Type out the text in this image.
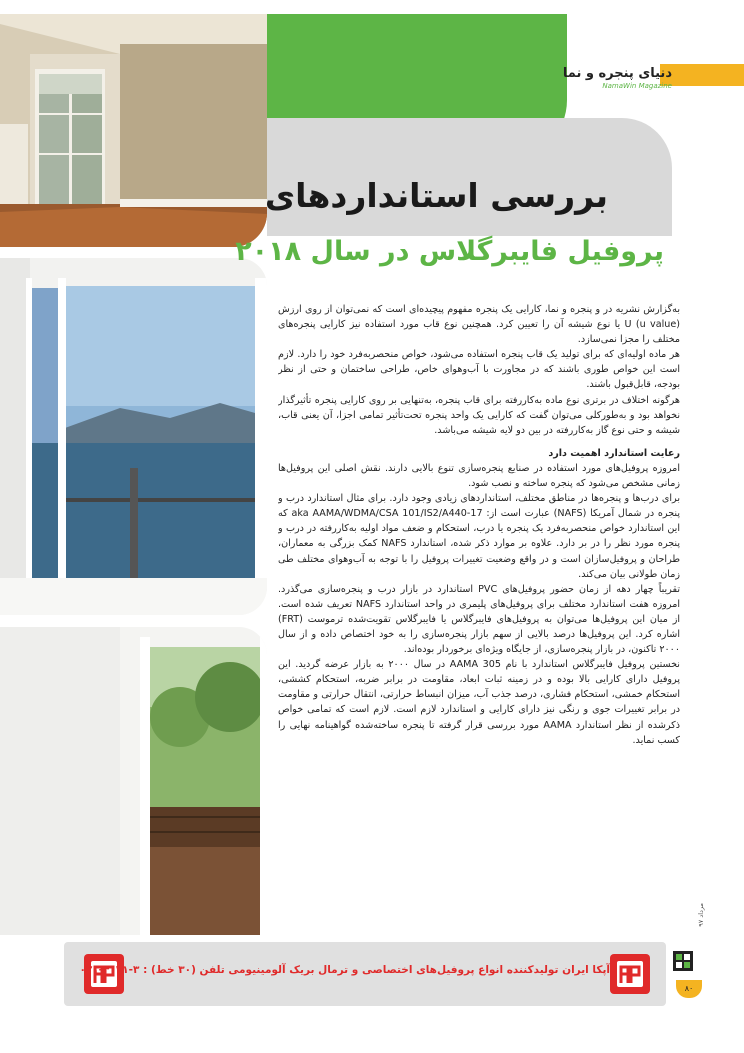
دنیای پنجره و نما
NamaWin Magazine
بررسی استانداردهای
پروفیل فایبرگلاس در سال ۲۰۱۸

به‌گزارش نشریه در و پنجره و نما، کارایی یک پنجره مفهوم پیچیده‌ای است که نمی‌توان از روی ارزش U (u value) یا نوع شیشه آن را تعیین کرد. همچنین نوع قاب مورد استفاده نیز کارایی پنجره‌های مختلف را مجزا نمی‌سازد.

هر ماده اولیه‌ای که برای تولید یک قاب پنجره استفاده می‌شود، خواص منحصربه‌فرد خود را دارد. لازم است این خواص طوری باشند که در مجاورت با آب‌وهوای خاص، طراحی ساختمان و حتی از نظر بودجه، قابل‌قبول باشند.

هرگونه اختلاف در برتری نوع ماده به‌کاررفته برای قاب پنجره، به‌تنهایی بر روی کارایی پنجره تأثیرگذار نخواهد بود و به‌طورکلی می‌توان گفت که کارایی یک واحد پنجره تحت‌تأثیر تمامی اجزا، آن یعنی قاب، شیشه و حتی نوع گاز به‌کاررفته در بین دو لایه شیشه می‌باشد.

رعایت استاندارد اهمیت دارد

امروزه پروفیل‌های مورد استفاده در صنایع پنجره‌سازی تنوع بالایی دارند. نقش اصلی این پروفیل‌ها زمانی مشخص می‌شود که پنجره ساخته و نصب شود.

برای درب‌ها و پنجره‌ها در مناطق مختلف، استانداردهای زیادی وجود دارد. برای مثال استاندارد درب و پنجره در شمال آمریکا (NAFS) عبارت است از: aka AAMA/WDMA/CSA 101/IS2/A440-17 که این استاندارد خواص منحصربه‌فرد یک پنجره یا درب، استحکام و ضعف مواد اولیه به‌کاررفته در درب و پنجره مورد نظر را در بر دارد. علاوه بر موارد ذکر شده، استاندارد NAFS کمک بزرگی به معماران، طراحان و پروفیل‌سازان است و در واقع وضعیت تغییرات پروفیل را با توجه به آب‌وهوای مختلف طی زمان طولانی بیان می‌کند.

تقریباً چهار دهه از زمان حضور پروفیل‌های PVC استاندارد در بازار درب و پنجره‌سازی می‌گذرد. امروزه هفت استاندارد مختلف برای پروفیل‌های پلیمری در واحد استاندارد NAFS تعریف شده است. از میان این پروفیل‌ها می‌توان به پروفیل‌های فایبرگلاس یا فایبرگلاس تقویت‌شده ترموست (FRT) اشاره کرد. این پروفیل‌ها درصد بالایی از سهم بازار پنجره‌سازی را به خود اختصاص داده و از سال ۲۰۰۰ تاکنون، در بازار پنجره‌سازی، از جایگاه ویژه‌ای برخوردار بوده‌اند.

نخستین پروفیل فایبرگلاس استاندارد با نام AAMA 305 در سال ۲۰۰۰ به بازار عرضه گردید. این پروفیل دارای کارایی بالا بوده و در زمینه ثبات ابعاد، مقاومت در برابر ضربه، استحکام کششی، استحکام خمشی، استحکام فشاری، درصد جذب آب، میزان انبساط حرارتی، انتقال حرارتی و مقاومت در برابر تغییرات جوی و رنگی نیز دارای کارایی و استاندارد لازم است. لازم است که تمامی خواص ذکرشده از نظر استاندارد AAMA مورد بررسی قرار گرفته تا پنجره ساخته‌شده گواهینامه نهایی را کسب نماید.

مرداد ۹۷
آپکا ایران تولیدکننده انواع پروفیل‌های اختصاصی و ترمال بریک آلومینیومی تلفن (۳۰ خط) : ۳-۴۱۳۱-۰۲۱
۸۰
